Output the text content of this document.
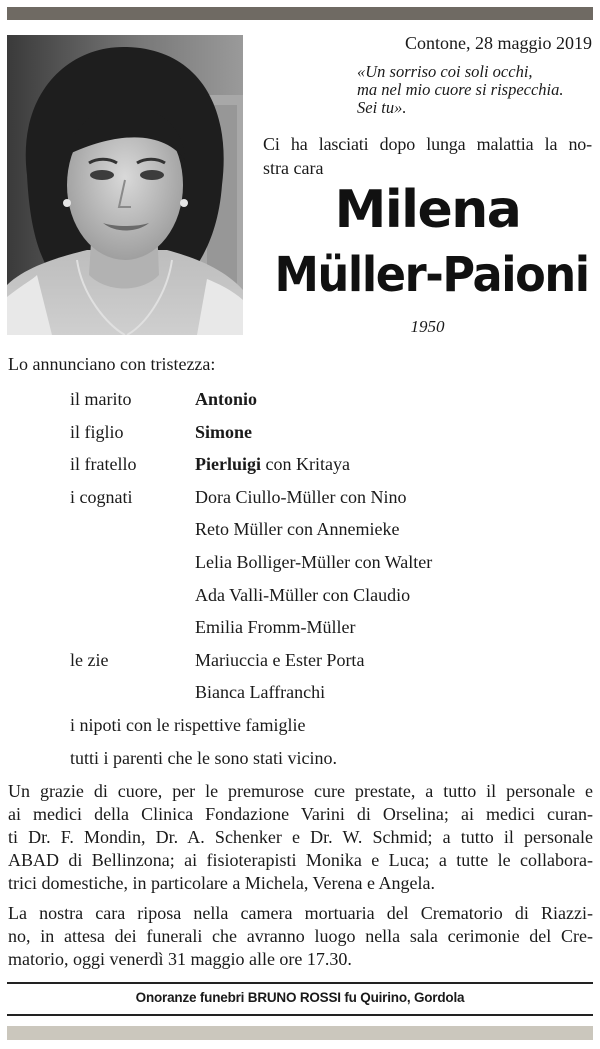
Contone, 28 maggio 2019
«Un sorriso coi soli occhi,
ma nel mio cuore si rispecchia.
Sei tu».
Ci ha lasciati dopo lunga malattia la no-
stra cara
Milena
Müller-Paioni
1950
Lo annunciano con tristezza:
il marito	Antonio
il figlio	Simone
il fratello	Pierluigi con Kritaya
i cognati	Dora Ciullo-Müller con Nino
Reto Müller con Annemieke
Lelia Bolliger-Müller con Walter
Ada Valli-Müller con Claudio
Emilia Fromm-Müller
le zie	Mariuccia e Ester Porta
Bianca Laffranchi
i nipoti con le rispettive famiglie
tutti i parenti che le sono stati vicino.
Un grazie di cuore, per le premurose cure prestate, a tutto il personale e
ai medici della Clinica Fondazione Varini di Orselina; ai medici curan-
ti Dr. F. Mondin, Dr. A. Schenker e Dr. W. Schmid; a tutto il personale
ABAD di Bellinzona; ai fisioterapisti Monika e Luca; a tutte le collabora-
trici domestiche, in particolare a Michela, Verena e Angela.
La nostra cara riposa nella camera mortuaria del Crematorio di Riazzi-
no, in attesa dei funerali che avranno luogo nella sala cerimonie del Cre-
matorio, oggi venerdì 31 maggio alle ore 17.30.
Onoranze funebri BRUNO ROSSI fu Quirino, Gordola
